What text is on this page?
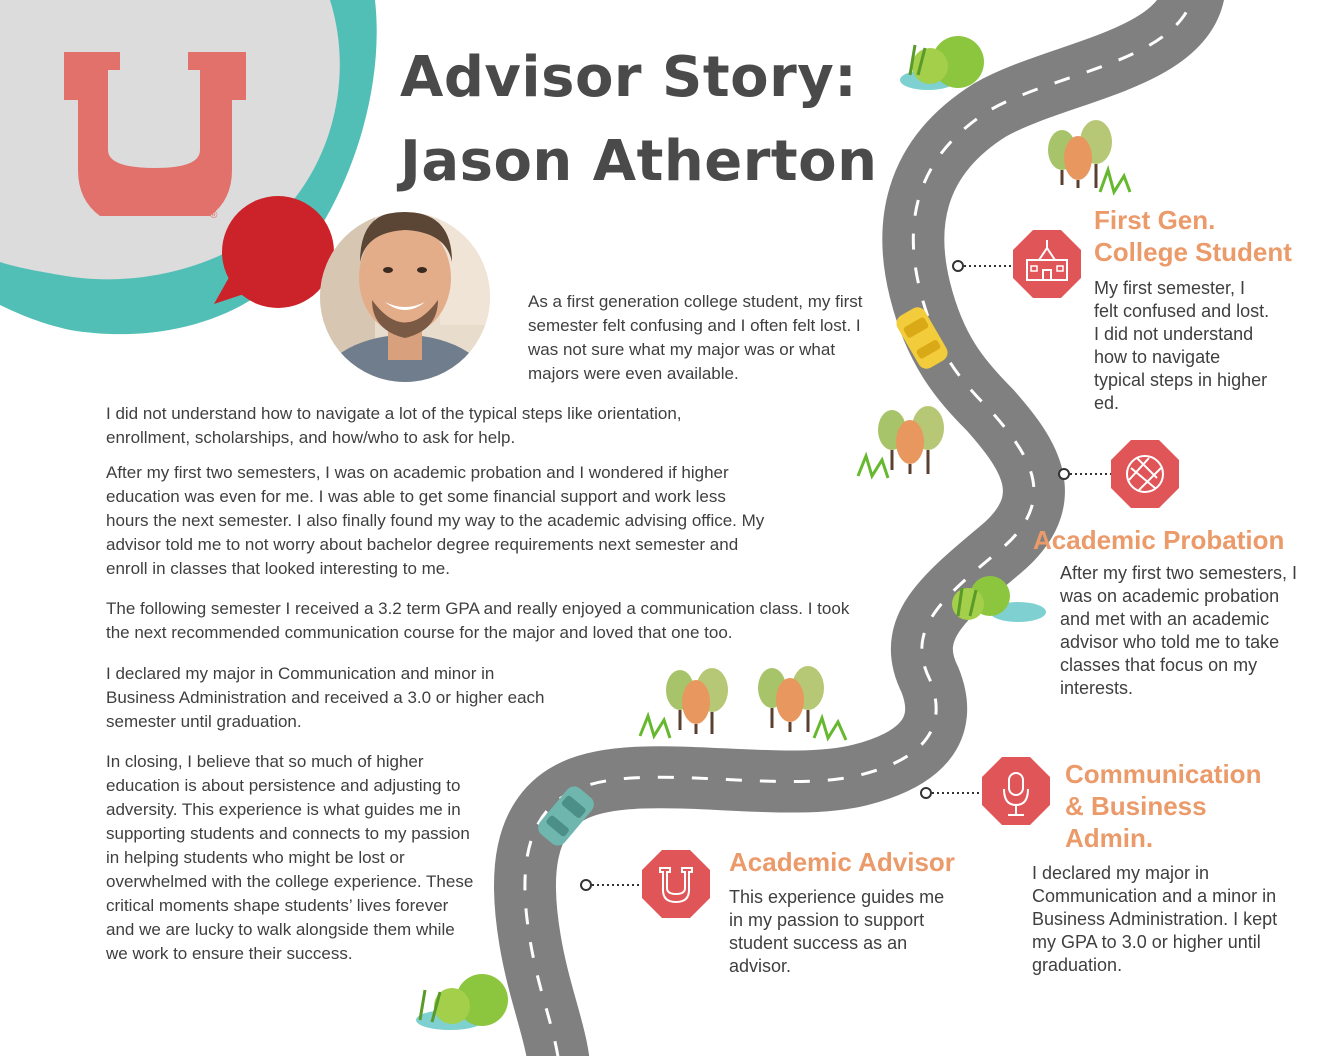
®
Advisor Story:
Jason Atherton

As a first generation college student, my first semester felt confusing and I often felt lost. I was not sure what my major was or what majors were even available.

I did not understand how to navigate a lot of the typical steps like orientation, enrollment, scholarships, and how/who to ask for help.

After my first two semesters, I was on academic probation and I wondered if higher education was even for me. I was able to get some financial support and work less hours the next semester. I also finally found my way to the academic advising office. My advisor told me to not worry about bachelor degree requirements next semester and enroll in classes that looked interesting to me.

The following semester I received a 3.2 term GPA and really enjoyed a communication class. I took the next recommended communication course for the major and loved that one too.

I declared my major in Communication and minor in Business Administration and received a 3.0 or higher each semester until graduation.

In closing, I believe that so much of higher education is about persistence and adjusting to adversity. This experience is what guides me in supporting students and connects to my passion in helping students who might be lost or overwhelmed with the college experience. These critical moments shape students’ lives forever and we are lucky to walk alongside them while we work to ensure their success.

First Gen.
College Student
My first semester, I felt confused and lost. I did not understand how to navigate typical steps in higher ed.
Academic Probation
After my first two semesters, I was on academic probation and met with an academic advisor who told me to take classes that focus on my interests.
Communication
& Business
Admin.
I declared my major in Communication and a minor in Business Administration. I kept my GPA to 3.0 or higher until graduation.
Academic Advisor
This experience guides me in my passion to support student success as an advisor.
